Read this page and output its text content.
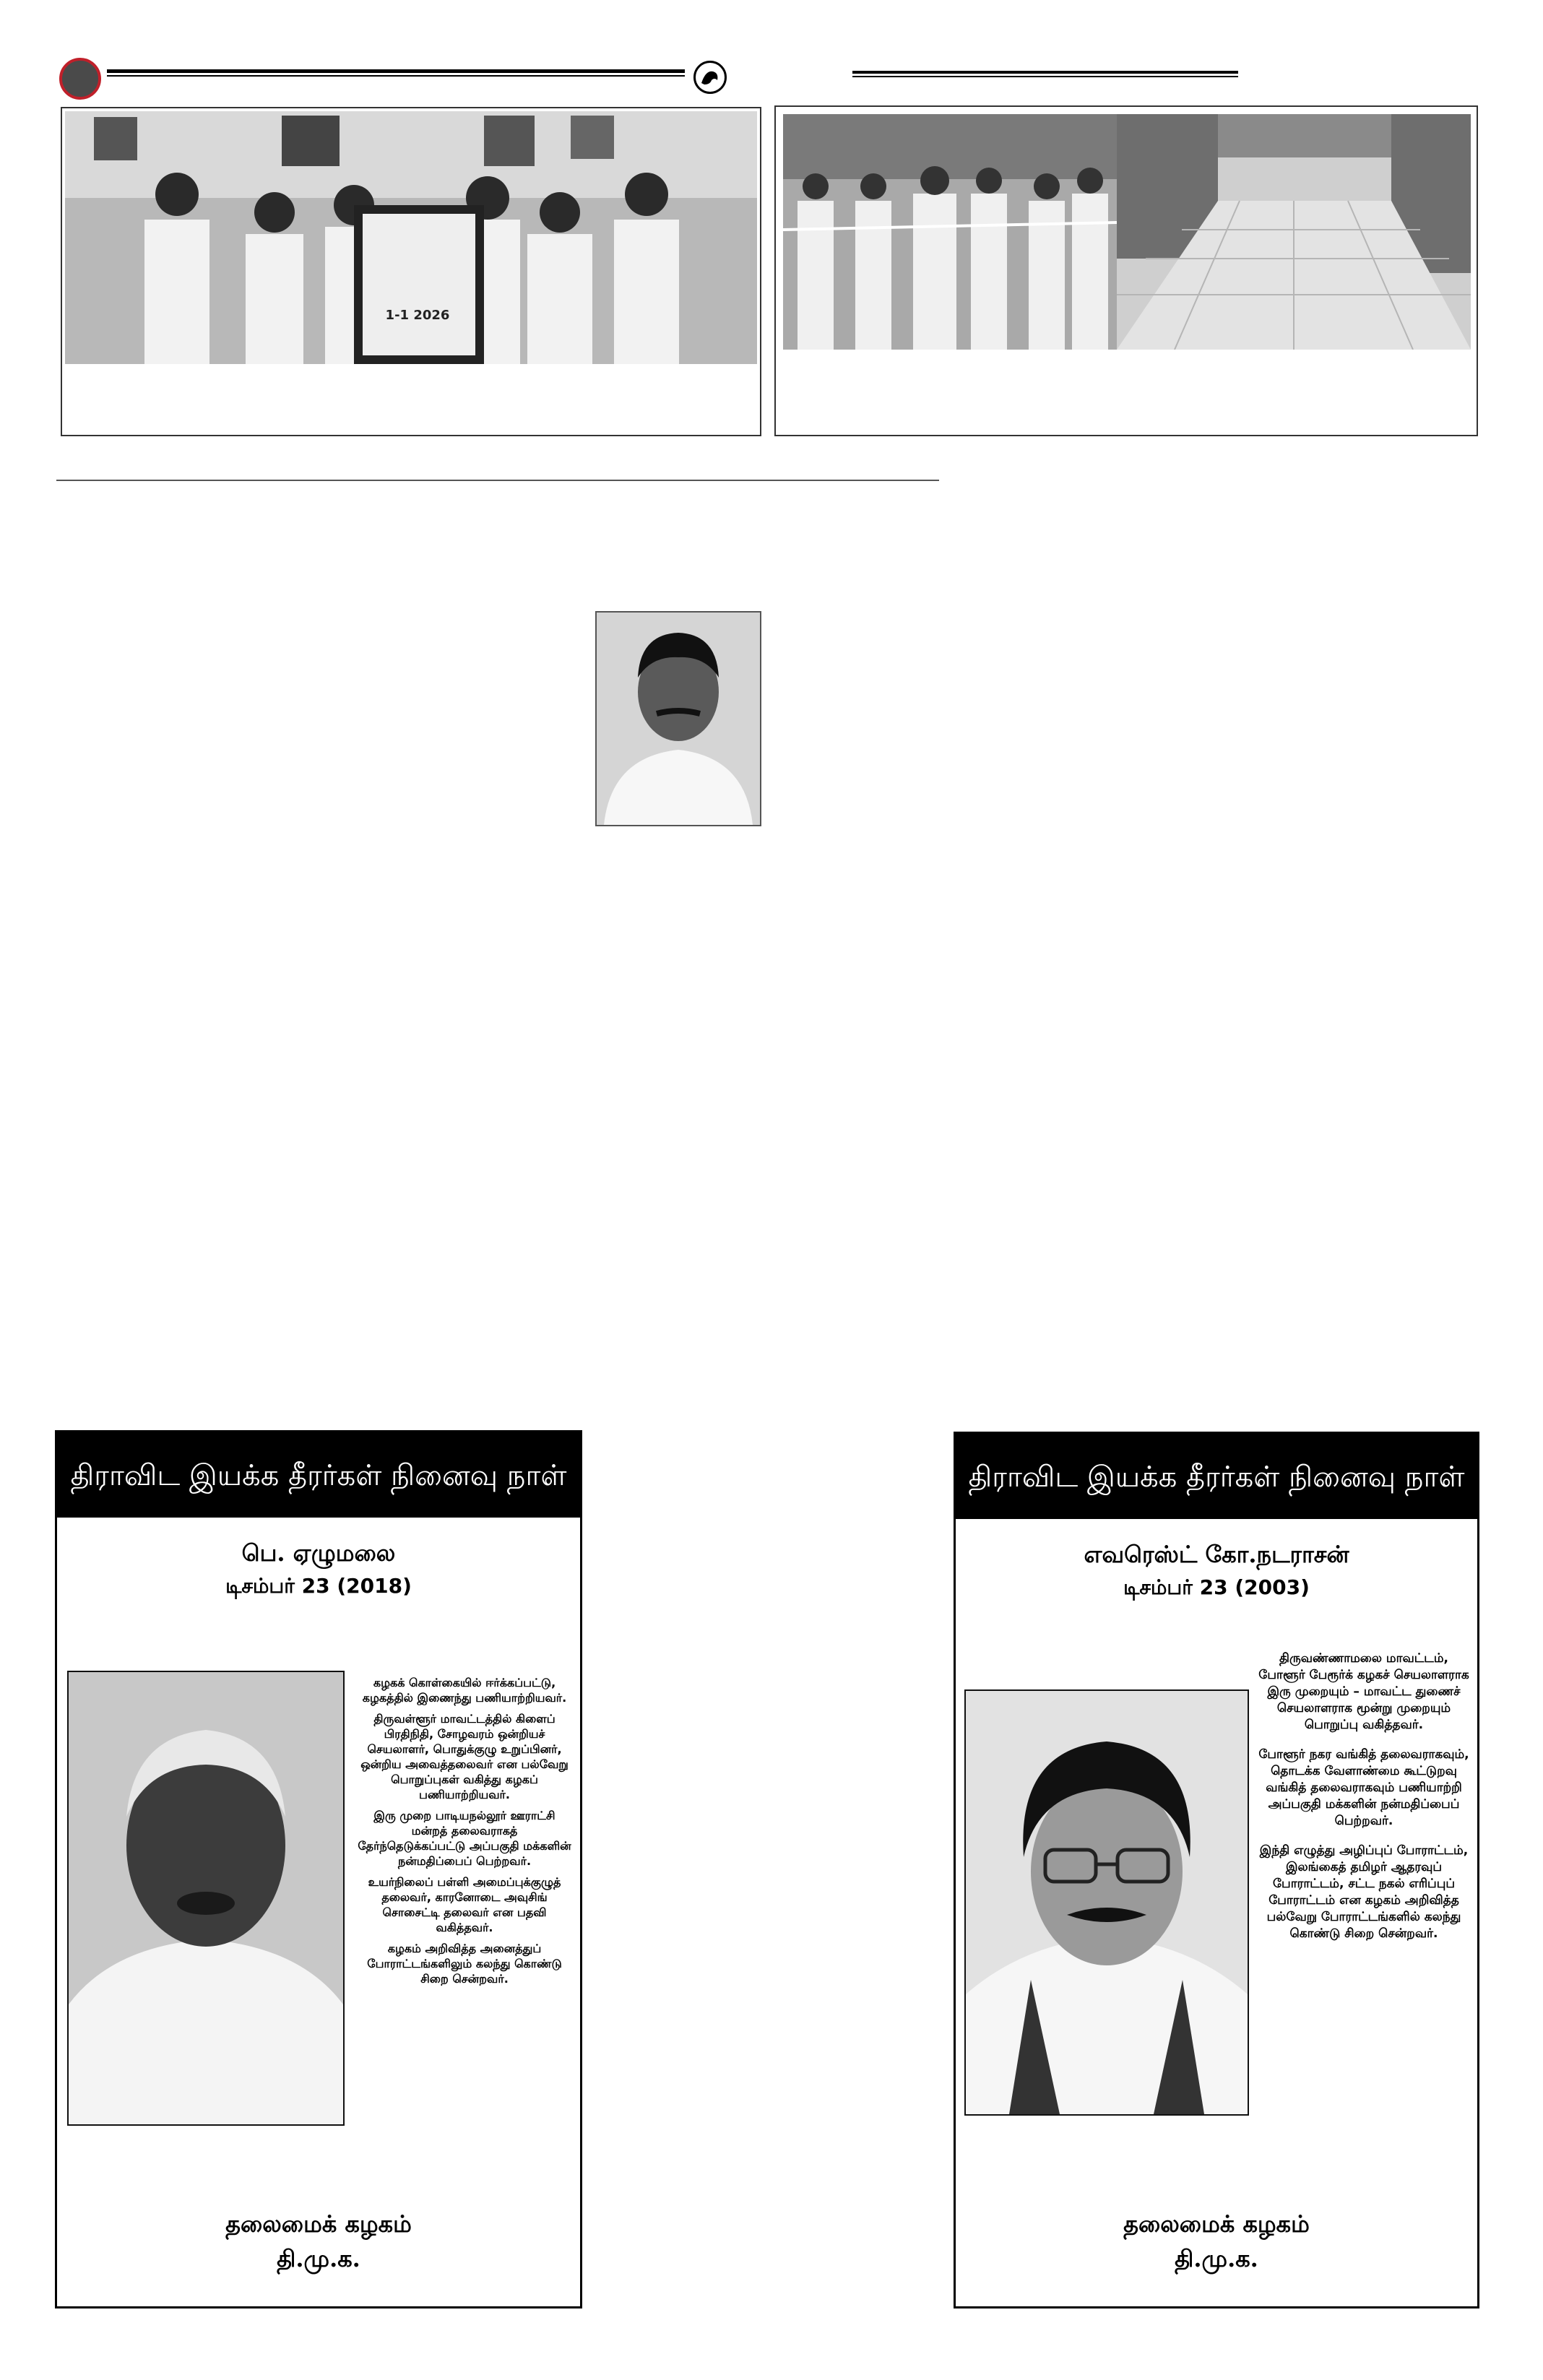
1-1 2026
திராவிட இயக்க தீரர்கள் நினைவு நாள்
பெ. ஏழுமலை
டிசம்பர் 23 (2018)

கழகக் கொள்கையில் ஈர்க்கப்பட்டு, கழகத்தில் இணைந்து பணியாற்றியவர்.

திருவள்ளூர் மாவட்டத்தில் கிளைப் பிரதிநிதி, சோழவரம் ஒன்றியச் செயலாளர், பொதுக்குழு உறுப்பினர், ஒன்றிய அவைத்தலைவர் என பல்வேறு பொறுப்புகள் வகித்து கழகப் பணியாற்றியவர்.

இரு முறை பாடியநல்லூர் ஊராட்சி மன்றத் தலைவராகத் தேர்ந்தெடுக்கப்பட்டு அப்பகுதி மக்களின் நன்மதிப்பைப் பெற்றவர்.

உயர்நிலைப் பள்ளி அமைப்புக்குழுத் தலைவர், காரனோடை அவுசிங் சொசைட்டி தலைவர் என பதவி வகித்தவர்.

கழகம் அறிவித்த அனைத்துப் போராட்டங்களிலும் கலந்து கொண்டு சிறை சென்றவர்.

தலைமைக் கழகம்
தி.மு.க.
திராவிட இயக்க தீரர்கள் நினைவு நாள்
எவரெஸ்ட் கோ.நடராசன்
டிசம்பர் 23 (2003)

திருவண்ணாமலை மாவட்டம், போளூர் பேரூர்க் கழகச் செயலாளராக இரு முறையும் – மாவட்ட துணைச் செயலாளராக மூன்று முறையும் பொறுப்பு வகித்தவர்.

போளூர் நகர வங்கித் தலைவராகவும், தொடக்க வேளாண்மை கூட்டுறவு வங்கித் தலைவராகவும் பணியாற்றி அப்பகுதி மக்களின் நன்மதிப்பைப் பெற்றவர்.

இந்தி எழுத்து அழிப்புப் போராட்டம், இலங்கைத் தமிழர் ஆதரவுப் போராட்டம், சட்ட நகல் எரிப்புப் போராட்டம் என கழகம் அறிவித்த பல்வேறு போராட்டங்களில் கலந்து கொண்டு சிறை சென்றவர்.

தலைமைக் கழகம்
தி.மு.க.
